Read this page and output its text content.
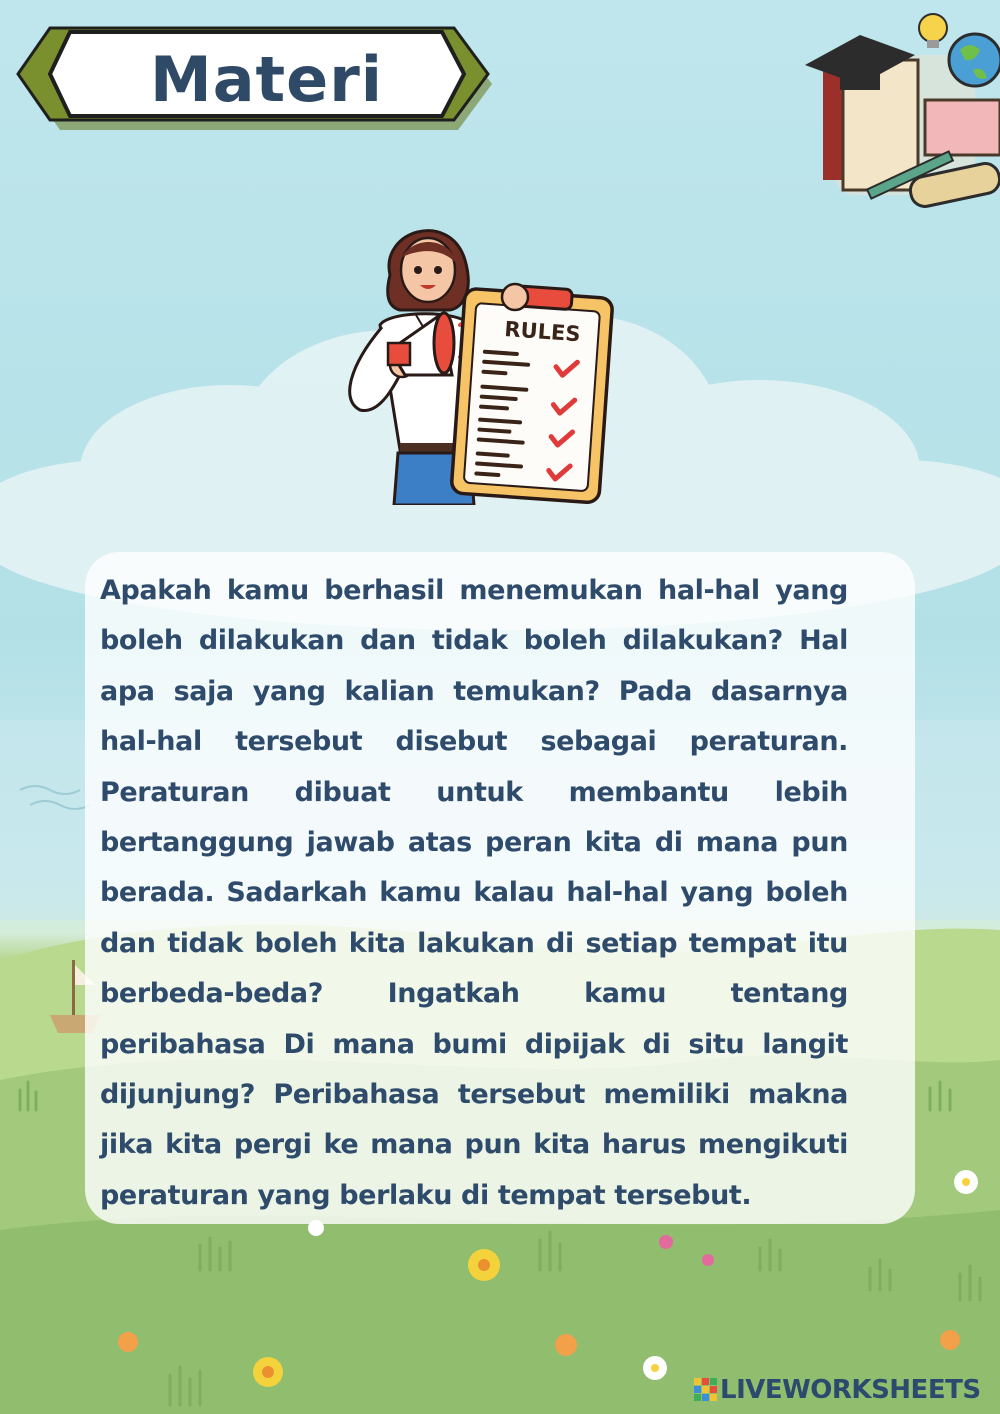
Materi
RULES

Apakah kamu berhasil menemukan hal-hal yang boleh dilakukan dan tidak boleh dilakukan? Hal apa saja yang kalian temukan? Pada dasarnya hal-hal tersebut disebut sebagai peraturan. Peraturan dibuat untuk membantu lebih bertanggung jawab atas peran kita di mana pun berada. Sadarkah kamu kalau hal-hal yang boleh dan tidak boleh kita lakukan di setiap tempat itu berbeda-beda? Ingatkah kamu tentang peribahasa Di mana bumi dipijak di situ langit dijunjung? Peribahasa tersebut memiliki makna jika kita pergi ke mana pun kita harus mengikuti peraturan yang berlaku di tempat tersebut.

LIVEWORKSHEETS
